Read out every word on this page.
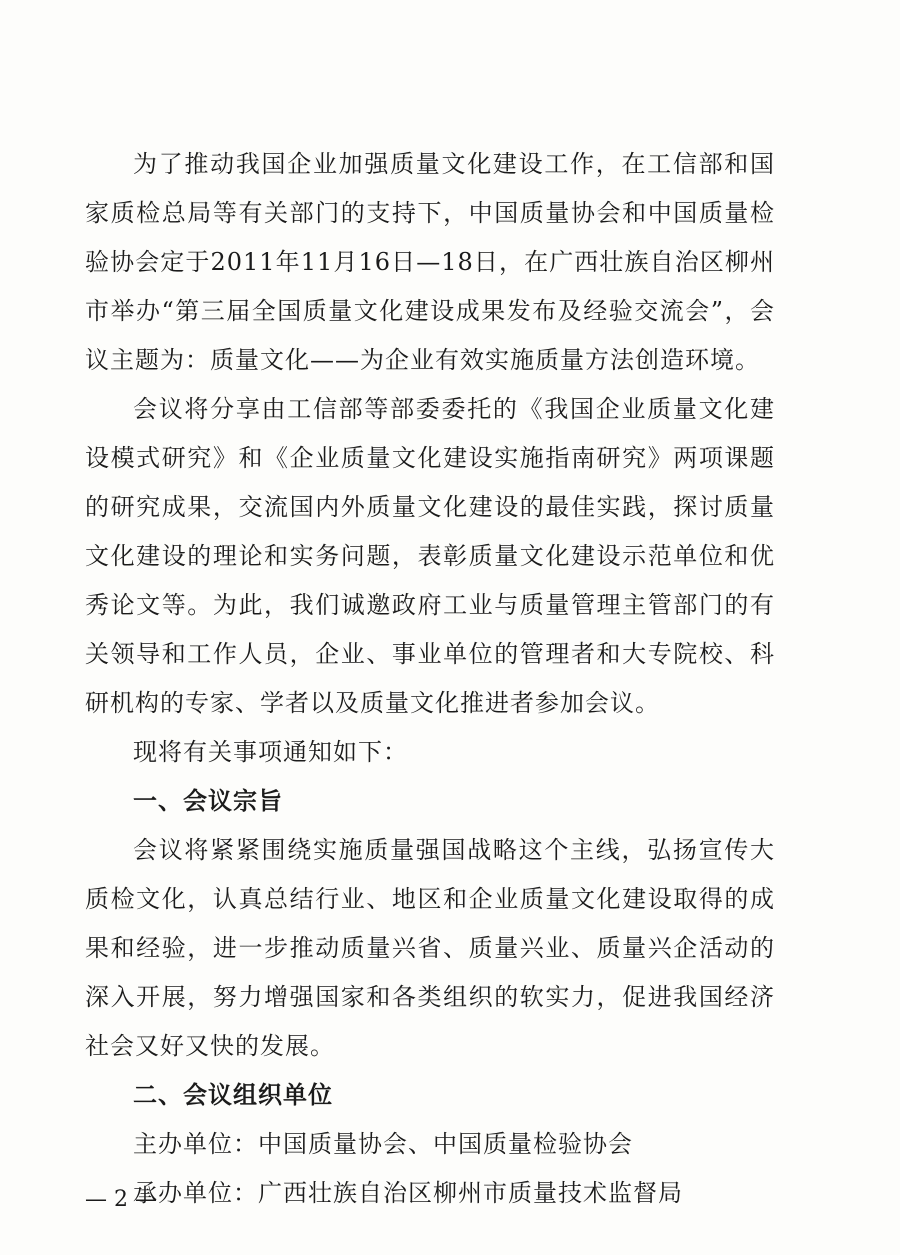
为了推动我国企业加强质量文化建设工作，在工信部和国家质检总局等有关部门的支持下，中国质量协会和中国质量检验协会定于2011年11月16日—18日，在广西壮族自治区柳州市举办“第三届全国质量文化建设成果发布及经验交流会”，会议主题为：质量文化——为企业有效实施质量方法创造环境。

会议将分享由工信部等部委委托的《我国企业质量文化建设模式研究》和《企业质量文化建设实施指南研究》两项课题的研究成果，交流国内外质量文化建设的最佳实践，探讨质量文化建设的理论和实务问题，表彰质量文化建设示范单位和优秀论文等。为此，我们诚邀政府工业与质量管理主管部门的有关领导和工作人员，企业、事业单位的管理者和大专院校、科研机构的专家、学者以及质量文化推进者参加会议。

现将有关事项通知如下：

一、会议宗旨

会议将紧紧围绕实施质量强国战略这个主线，弘扬宣传大质检文化，认真总结行业、地区和企业质量文化建设取得的成果和经验，进一步推动质量兴省、质量兴业、质量兴企活动的深入开展，努力增强国家和各类组织的软实力，促进我国经济社会又好又快的发展。

二、会议组织单位

主办单位：中国质量协会、中国质量检验协会

承办单位：广西壮族自治区柳州市质量技术监督局

— 2 —
